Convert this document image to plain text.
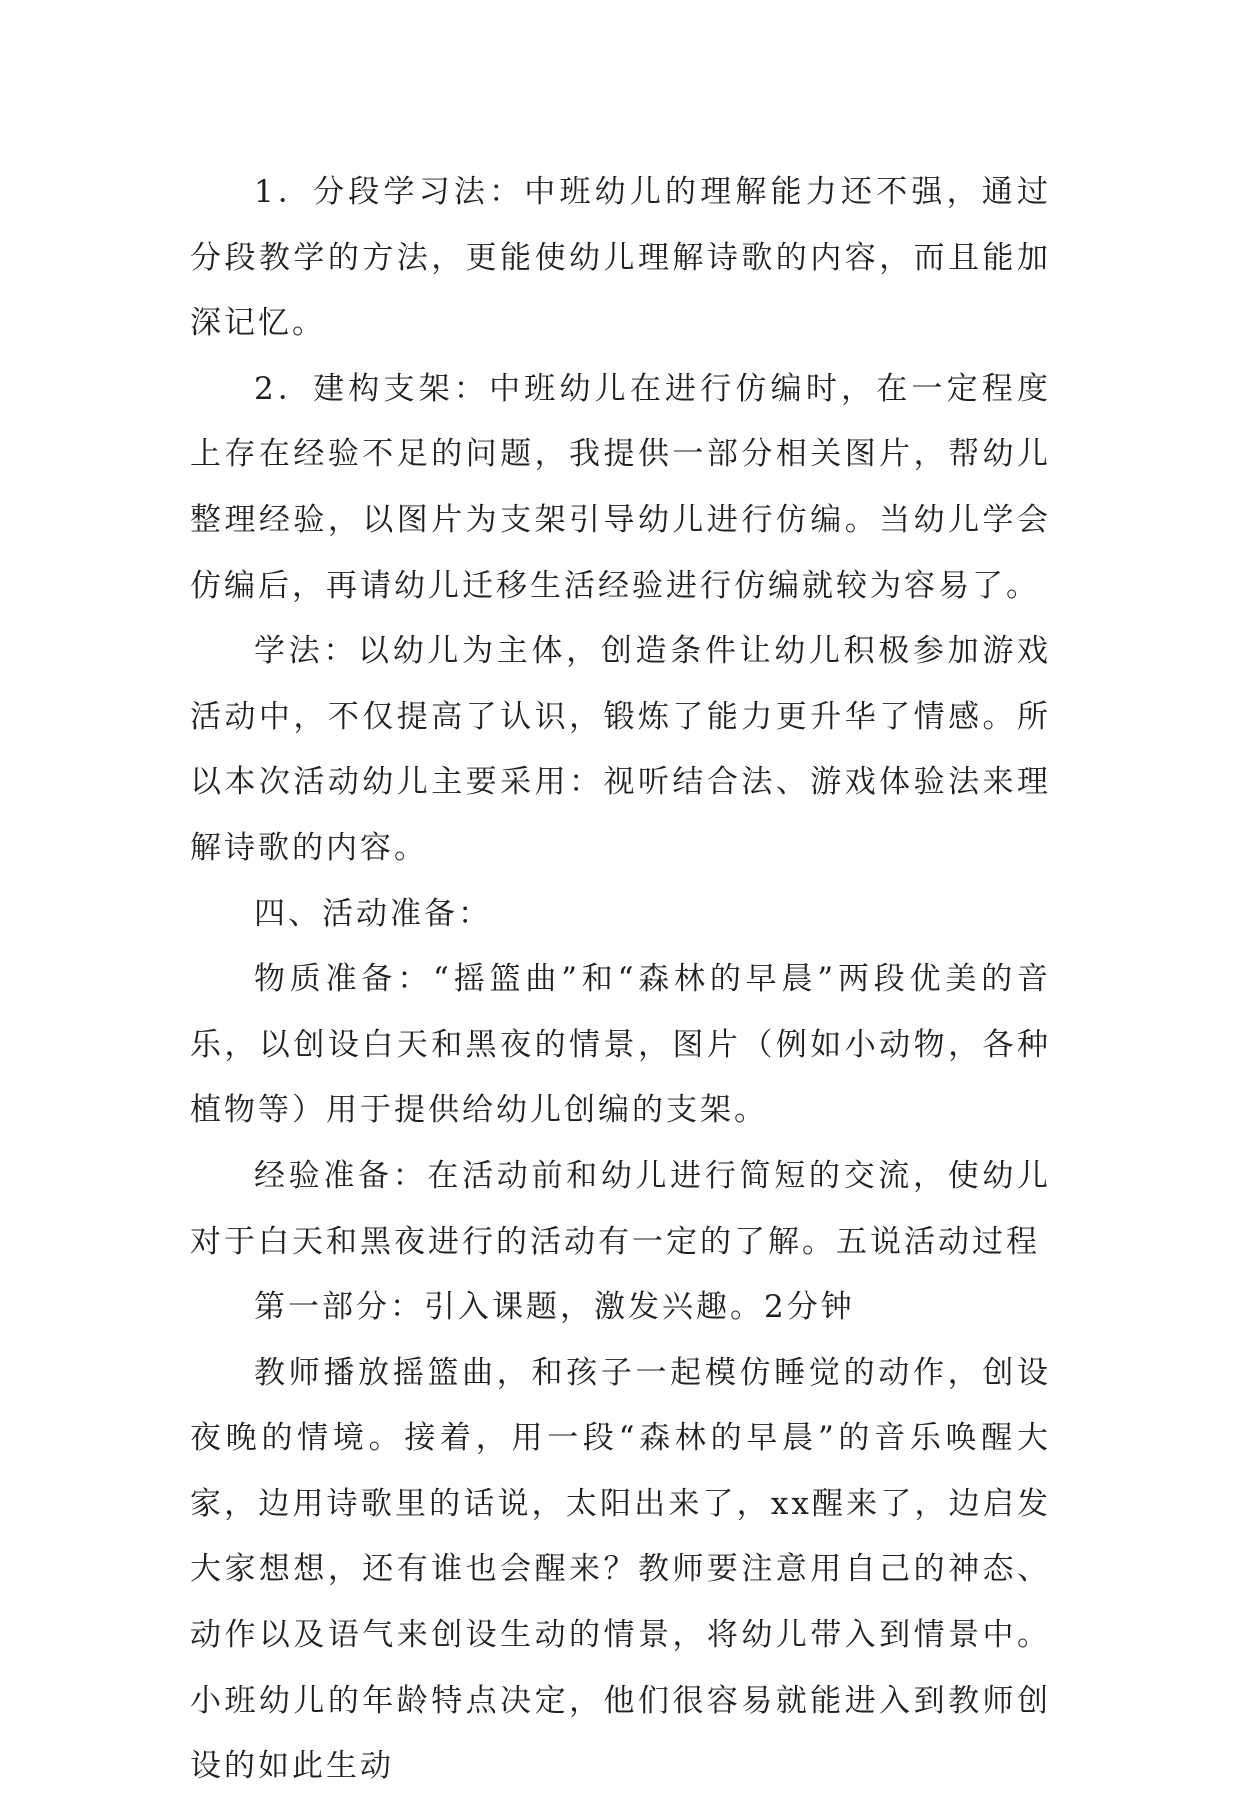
1．分段学习法：中班幼儿的理解能力还不强，通过分段教学的方法，更能使幼儿理解诗歌的内容，而且能加深记忆。

2．建构支架：中班幼儿在进行仿编时，在一定程度上存在经验不足的问题，我提供一部分相关图片，帮幼儿整理经验，以图片为支架引导幼儿进行仿编。当幼儿学会仿编后，再请幼儿迁移生活经验进行仿编就较为容易了。

学法：以幼儿为主体，创造条件让幼儿积极参加游戏活动中，不仅提高了认识，锻炼了能力更升华了情感。所以本次活动幼儿主要采用：视听结合法、游戏体验法来理解诗歌的内容。

四、活动准备：

物质准备：“摇篮曲”和“森林的早晨”两段优美的音乐，以创设白天和黑夜的情景，图片（例如小动物，各种植物等）用于提供给幼儿创编的支架。

经验准备：在活动前和幼儿进行简短的交流，使幼儿对于白天和黑夜进行的活动有一定的了解。五说活动过程

第一部分：引入课题，激发兴趣。2分钟

教师播放摇篮曲，和孩子一起模仿睡觉的动作，创设夜晚的情境。接着，用一段“森林的早晨”的音乐唤醒大家，边用诗歌里的话说，太阳出来了，xx醒来了，边启发大家想想，还有谁也会醒来？教师要注意用自己的神态、动作以及语气来创设生动的情景，将幼儿带入到情景中。小班幼儿的年龄特点决定，他们很容易就能进入到教师创设的如此生动
